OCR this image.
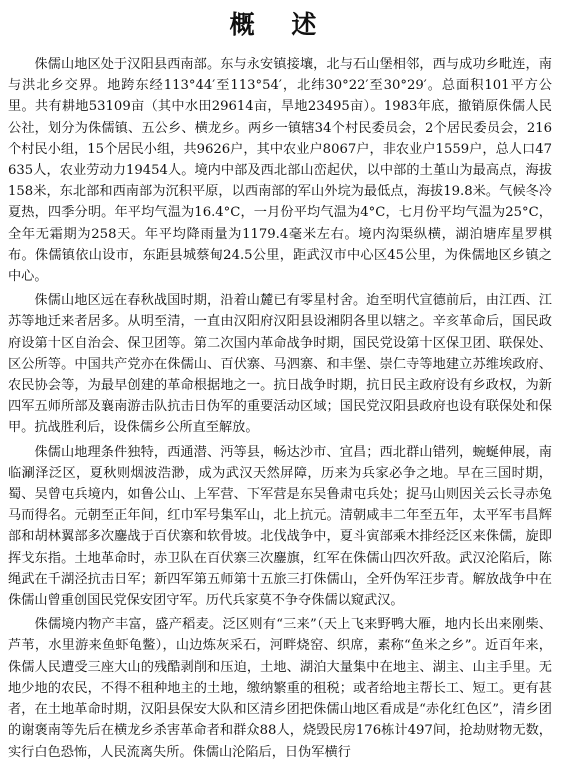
概 述

侏儒山地区处于汉阳县西南部。东与永安镇接壤，北与石山堡相邻，西与成功乡毗连，南与洪北乡交界。地跨东经113°44′至113°54′，北纬30°22′至30°29′。总面积101平方公里。共有耕地53109亩（其中水田29614亩，旱地23495亩）。1983年底，撤销原侏儒人民公社，划分为侏儒镇、五公乡、横龙乡。两乡一镇辖34个村民委员会，2个居民委员会，216个村民小组，15个居民小组，共9626户，其中农业户8067户，非农业户1559户，总人口47635人，农业劳动力19454人。境内中部及西北部山峦起伏，以中部的土堇山为最高点，海拔158米，东北部和西南部为沉积平原，以西南部的军山外垸为最低点，海拔19.8米。气候冬冷夏热，四季分明。年平均气温为16.4°C，一月份平均气温为4°C，七月份平均气温为25°C，全年无霜期为258天。年平均降雨量为1179.4毫米左右。境内沟渠纵横，湖泊塘库星罗棋布。侏儒镇依山设市，东距县城蔡甸24.5公里，距武汉市中心区45公里，为侏儒地区乡镇之中心。

侏儒山地区远在春秋战国时期，沿着山麓已有零星村舍。迨至明代宣德前后，由江西、江苏等地迁来者居多。从明至清，一直由汉阳府汉阳县设湘阴各里以辖之。辛亥革命后，国民政府设第十区自治会、保卫团等。第二次国内革命战争时期，国民党设第十区保卫团、联保处、区公所等。中国共产党亦在侏儒山、百伏寨、马泗寨、和丰堡、崇仁寺等地建立苏维埃政府、农民协会等，为最早创建的革命根据地之一。抗日战争时期，抗日民主政府设有乡政权，为新四军五师所部及襄南游击队抗击日伪军的重要活动区域；国民党汉阳县政府也设有联保处和保甲。抗战胜利后，设侏儒乡公所直至解放。

侏儒山地理条件独特，西通潜、沔等县，畅达沙市、宜昌；西北群山错列，蜿蜒伸展，南临涮泽泛区，夏秋则烟波浩渺，成为武汉天然屏障，历来为兵家必争之地。早在三国时期，蜀、吴曾屯兵境内，如鲁公山、上军营、下军营是东吴鲁肃屯兵处；捉马山则因关云长寻赤兔马而得名。元朝至正年间，红巾军号集军山，北上抗元。清朝咸丰二年至五年，太平军韦昌辉部和胡林翼部多次鏖战于百伏寨和软骨坡。北伐战争中，夏斗寅部乘木排经泛区来侏儒，旋即挥戈东指。土地革命时，赤卫队在百伏寨三次鏖旗，红军在侏儒山四次歼敌。武汉沦陷后，陈绳武在千湖泾抗击日军；新四军第五师第十五旅三打侏儒山，全歼伪军汪步青。解放战争中在侏儒山曾重创国民党保安团守军。历代兵家莫不争夺侏儒以窥武汉。

侏儒境内物产丰富，盛产稻麦。泛区则有“三来”（天上飞来野鸭大雁，地内长出来刚柴、芦苇，水里游来鱼虾龟鳖），山边炼灰采石，河畔烧窑、织席，素称“鱼米之乡”。近百年来，侏儒人民遭受三座大山的残酷剥削和压迫，土地、湖泊大量集中在地主、湖主、山主手里。无地少地的农民，不得不租种地主的土地，缴纳繁重的租税；或者给地主帮长工、短工。更有甚者，在土地革命时期，汉阳县保安大队和区清乡团把侏儒山地区看成是“赤化红色区”，清乡团的谢褒南等先后在横龙乡杀害革命者和群众88人，烧毁民房176栋计497间，抢劫财物无数，实行白色恐怖，人民流离失所。侏儒山沦陷后，日伪军横行
